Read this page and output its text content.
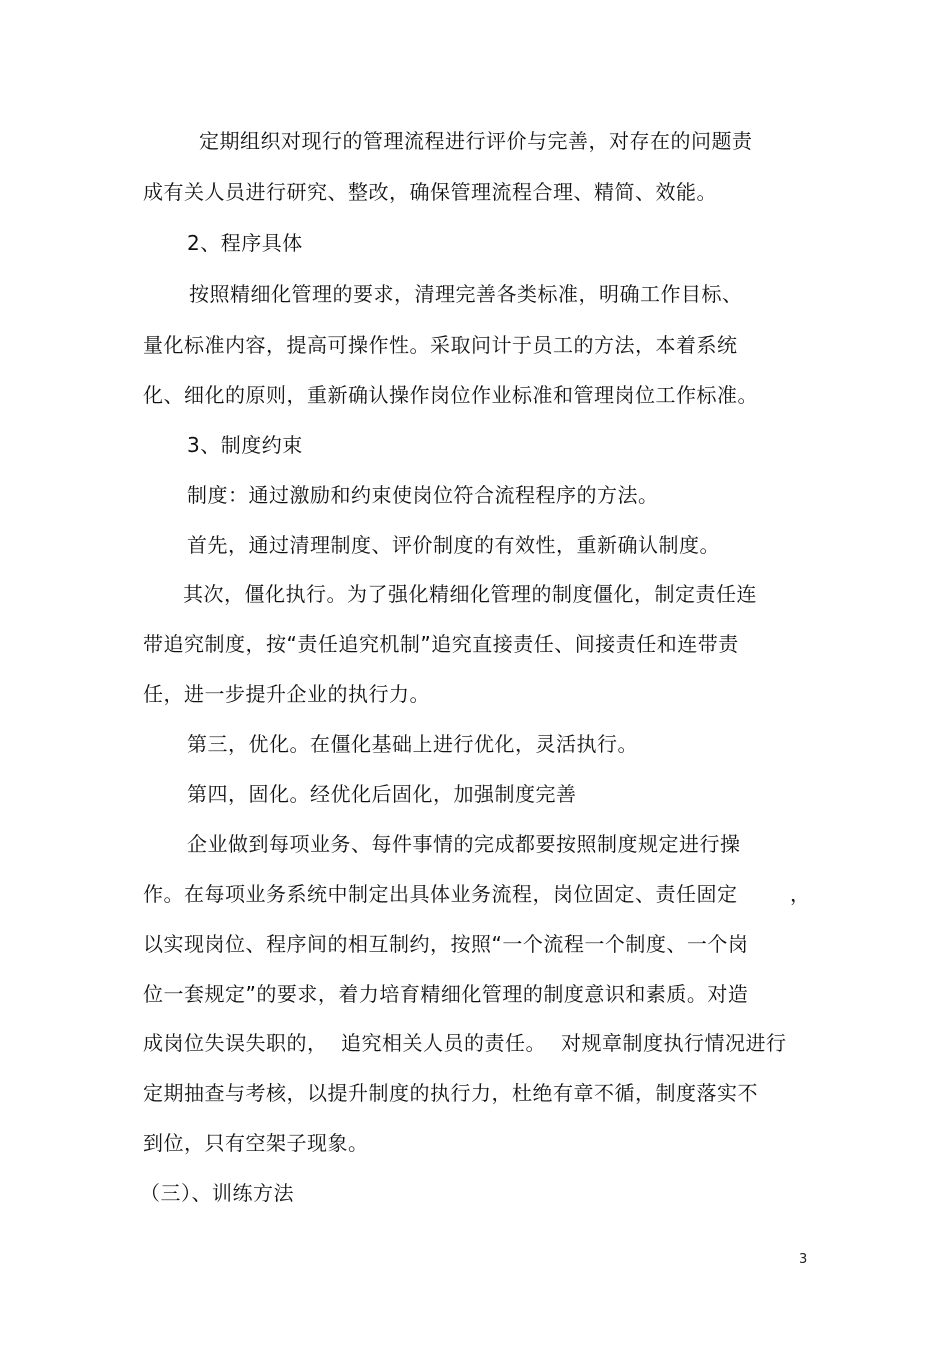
定期组织对现行的管理流程进行评价与完善，对存在的问题责
成有关人员进行研究、整改，确保管理流程合理、精简、效能。
2、程序具体
按照精细化管理的要求，清理完善各类标准，明确工作目标、
量化标准内容，提高可操作性。采取问计于员工的方法，本着系统
化、细化的原则，重新确认操作岗位作业标准和管理岗位工作标准。
3、制度约束
制度：通过激励和约束使岗位符合流程程序的方法。
首先，通过清理制度、评价制度的有效性，重新确认制度。
其次，僵化执行。为了强化精细化管理的制度僵化，制定责任连
带追究制度，按“责任追究机制”追究直接责任、间接责任和连带责
任，进一步提升企业的执行力。
第三，优化。在僵化基础上进行优化，灵活执行。
第四，固化。经优化后固化，加强制度完善
企业做到每项业务、每件事情的完成都要按照制度规定进行操
作。在每项业务系统中制定出具体业务流程，岗位固定、责任固定	，
以实现岗位、程序间的相互制约，按照“一个流程一个制度、一个岗
位一套规定”的要求，着力培育精细化管理的制度意识和素质。对造
成岗位失误失职的， 追究相关人员的责任。 对规章制度执行情况进行
定期抽查与考核，以提升制度的执行力，杜绝有章不循，制度落实不
到位，只有空架子现象。
（三）、训练方法
3
